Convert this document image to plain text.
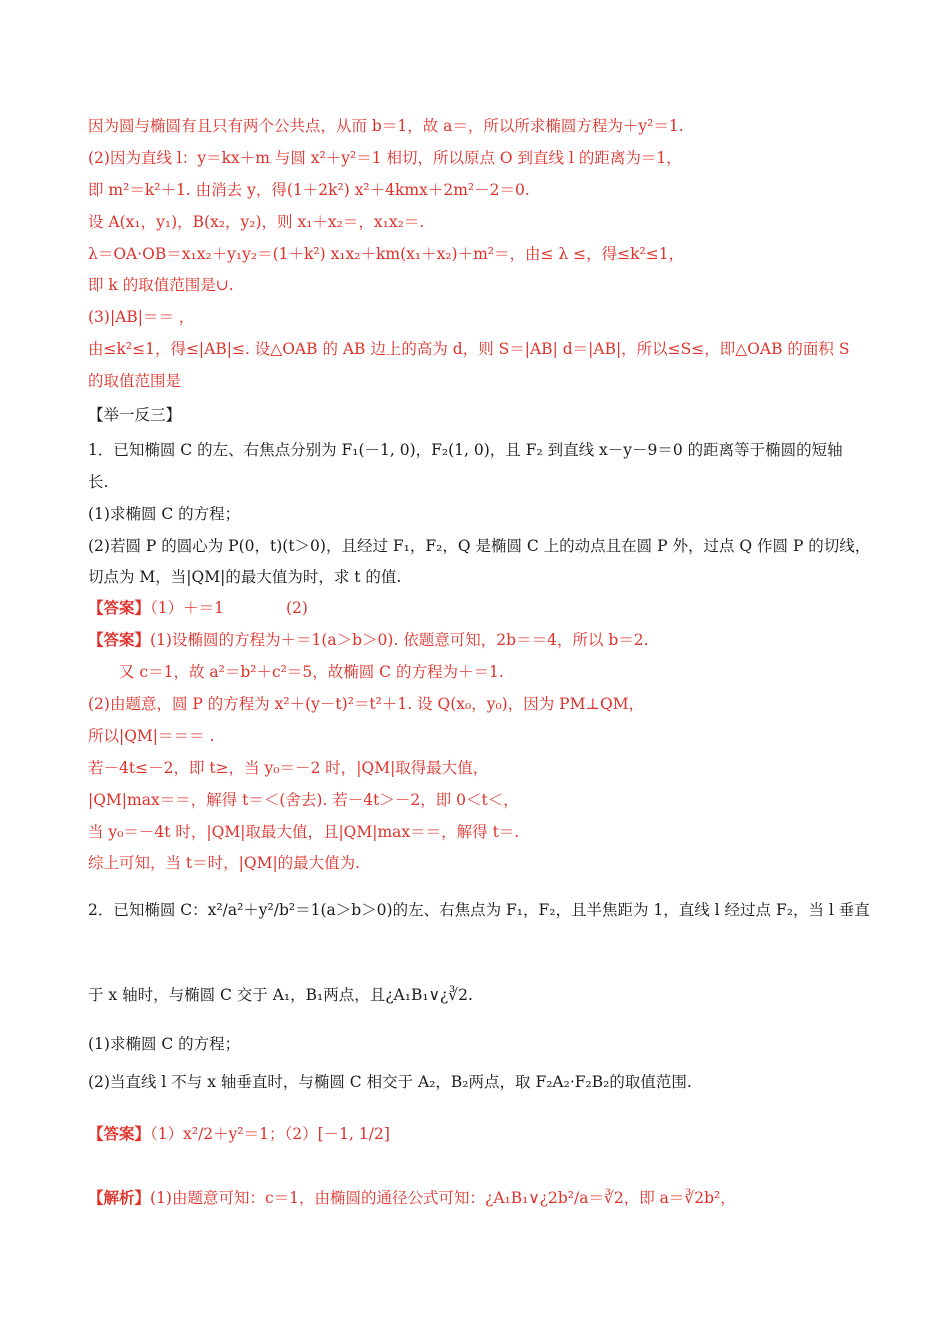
因为圆与椭圆有且只有两个公共点，从而 b＝1，故 a＝，所以所求椭圆方程为＋y²＝1.
(2)因为直线 l：y＝kx＋m 与圆 x²＋y²＝1 相切，所以原点 O 到直线 l 的距离为＝1，
即 m²＝k²＋1. 由消去 y，得(1＋2k²) x²＋4kmx＋2m²－2＝0.
设 A(x₁，y₁)，B(x₂，y₂)，则 x₁＋x₂＝，x₁x₂＝.
λ＝OA·OB＝x₁x₂＋y₁y₂＝(1＋k²) x₁x₂＋km(x₁＋x₂)＋m²＝，由≤ λ ≤，得≤k²≤1，
即 k 的取值范围是∪.
(3)|AB|＝＝ ，
由≤k²≤1，得≤|AB|≤. 设△OAB 的 AB 边上的高为 d，则 S＝|AB| d＝|AB|，所以≤S≤，即△OAB 的面积 S
的取值范围是
【举一反三】
1．已知椭圆 C 的左、右焦点分别为 F₁(－1, 0)，F₂(1, 0)，且 F₂ 到直线 x－y－9＝0 的距离等于椭圆的短轴
长.
(1)求椭圆 C 的方程；
(2)若圆 P 的圆心为 P(0，t)(t＞0)，且经过 F₁，F₂，Q 是椭圆 C 上的动点且在圆 P 外，过点 Q 作圆 P 的切线，
切点为 M，当|QM|的最大值为时，求 t 的值.
【答案】（1）＋＝1　　　　(2)
【答案】(1)设椭圆的方程为＋＝1(a＞b＞0). 依题意可知，2b＝＝4，所以 b＝2.
　　又 c＝1，故 a²＝b²＋c²＝5，故椭圆 C 的方程为＋＝1.
(2)由题意，圆 P 的方程为 x²＋(y－t)²＝t²＋1. 设 Q(x₀，y₀)，因为 PM⊥QM，
所以|QM|＝＝＝ .
若－4t≤－2，即 t≥，当 y₀＝－2 时，|QM|取得最大值，
|QM|max＝＝，解得 t＝＜(舍去). 若－4t＞－2，即 0＜t＜，
当 y₀＝－4t 时，|QM|取最大值，且|QM|max＝＝，解得 t＝.
综上可知，当 t＝时，|QM|的最大值为.
2．已知椭圆 C：x²/a²＋y²/b²＝1(a＞b＞0)的左、右焦点为 F₁，F₂，且半焦距为 1，直线 l 经过点 F₂，当 l 垂直
于 x 轴时，与椭圆 C 交于 A₁，B₁两点，且¿A₁B₁∨¿∛2.
(1)求椭圆 C 的方程；
(2)当直线 l 不与 x 轴垂直时，与椭圆 C 相交于 A₂，B₂两点，取 F₂A₂·F₂B₂的取值范围.
【答案】（1）x²/2＋y²＝1；（2）[－1, 1/2]
【解析】(1)由题意可知：c＝1，由椭圆的通径公式可知：¿A₁B₁∨¿2b²/a＝∛2，即 a＝∛2b²，
